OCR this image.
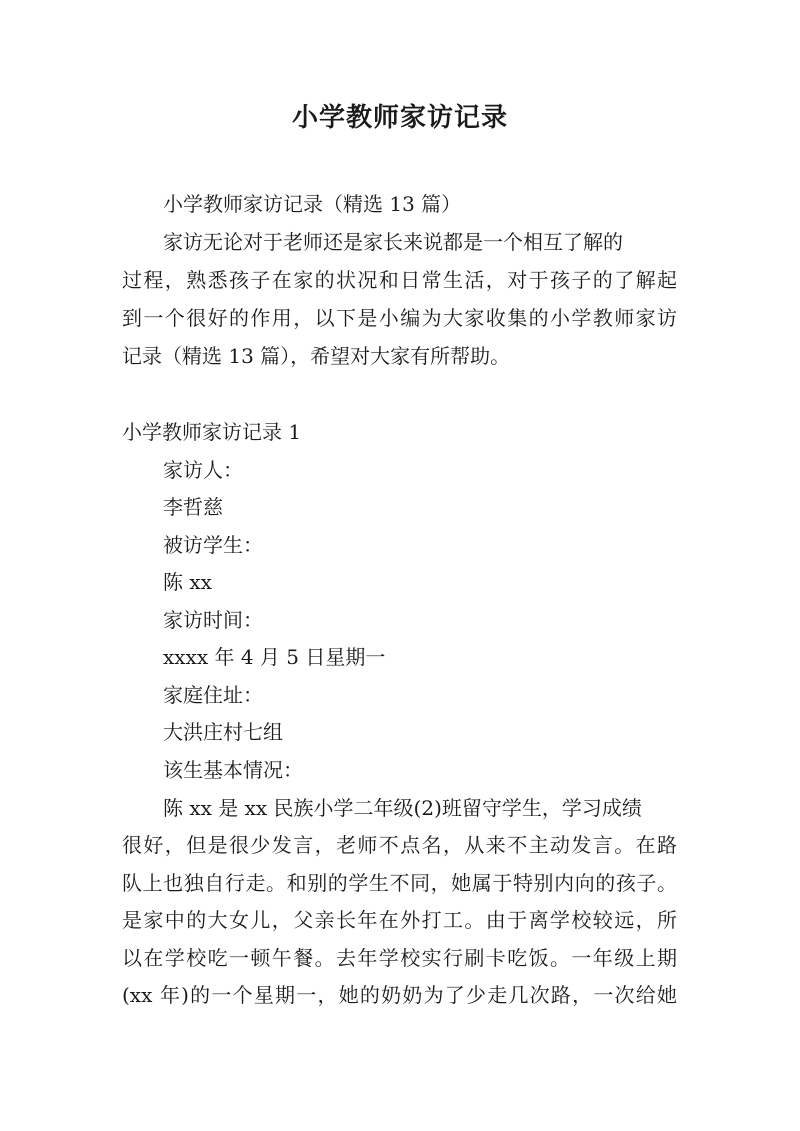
小学教师家访记录
小学教师家访记录（精选 13 篇）
家访无论对于老师还是家长来说都是一个相互了解的
过程，熟悉孩子在家的状况和日常生活，对于孩子的了解起
到一个很好的作用，以下是小编为大家收集的小学教师家访
记录（精选 13 篇），希望对大家有所帮助。
小学教师家访记录 1
家访人：
李哲慈
被访学生：
陈 xx
家访时间：
xxxx 年 4 月 5 日星期一
家庭住址：
大洪庄村七组
该生基本情况：
陈 xx 是 xx 民族小学二年级(2)班留守学生，学习成绩
很好，但是很少发言，老师不点名，从来不主动发言。在路
队上也独自行走。和别的学生不同，她属于特别内向的孩子。
是家中的大女儿，父亲长年在外打工。由于离学校较远，所
以在学校吃一顿午餐。去年学校实行刷卡吃饭。一年级上期
(xx 年)的一个星期一，她的奶奶为了少走几次路，一次给她
